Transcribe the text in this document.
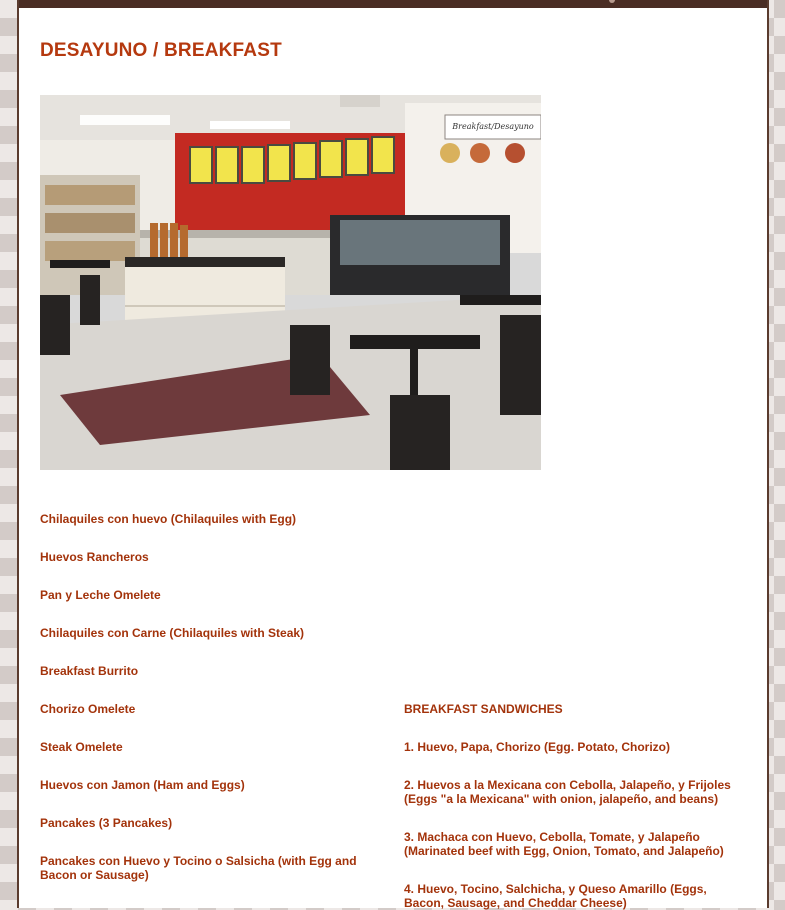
DESAYUNO / BREAKFAST
Breakfast/Desayuno

Chilaquiles con huevo (Chilaquiles with Egg)

Huevos Rancheros

Pan y Leche Omelete

Chilaquiles con Carne (Chilaquiles with Steak)

Breakfast Burrito

Chorizo Omelete

Steak Omelete

Huevos con Jamon (Ham and Eggs)

Pancakes (3 Pancakes)

Pancakes con Huevo y Tocino o Salsicha (with Egg and Bacon or Sausage)

BREAKFAST SANDWICHES

1. Huevo, Papa, Chorizo (Egg. Potato, Chorizo)

2. Huevos a la Mexicana con Cebolla, Jalapeño, y Frijoles (Eggs "a la Mexicana" with onion, jalapeño, and beans)

3. Machaca con Huevo, Cebolla, Tomate, y Jalapeño (Marinated beef with Egg, Onion, Tomato, and Jalapeño)

4. Huevo, Tocino, Salchicha, y Queso Amarillo (Eggs, Bacon, Sausage, and Cheddar Cheese)
